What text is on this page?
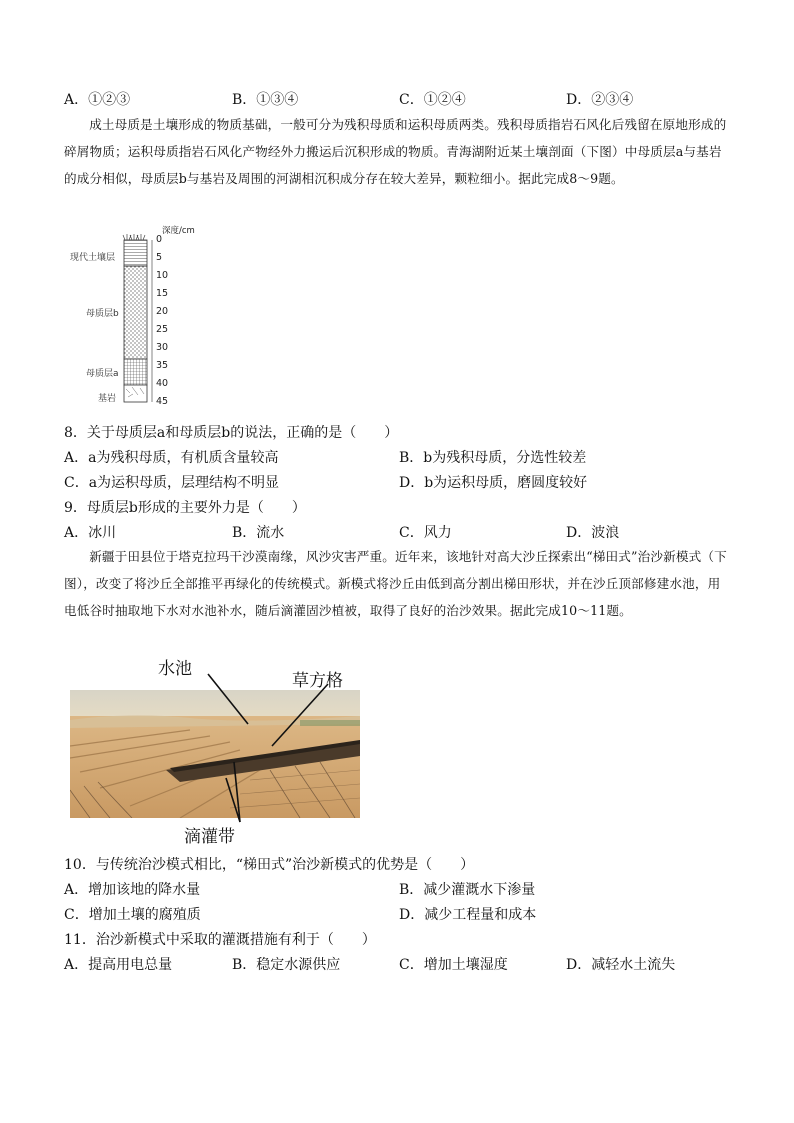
A．①②③	B．①③④	C．①②④	D．②③④

成土母质是土壤形成的物质基础，一般可分为残积母质和运积母质两类。残积母质指岩石风化后残留在原地形成的碎屑物质；运积母质指岩石风化产物经外力搬运后沉积形成的物质。青海湖附近某土壤剖面（下图）中母质层a与基岩的成分相似，母质层b与基岩及周围的河湖相沉积成分存在较大差异，颗粒细小。据此完成8～9题。

深度/cm
0
5
10
15
20
25
30
35
40
45
现代土壤层
母质层b
母质层a
基岩
8．关于母质层a和母质层b的说法，正确的是（　　）
A．a为残积母质，有机质含量较高	B．b为残积母质，分选性较差
C．a为运积母质，层理结构不明显	D．b为运积母质，磨圆度较好
9．母质层b形成的主要外力是（　　）
A．冰川	B．流水	C．风力	D．波浪

新疆于田县位于塔克拉玛干沙漠南缘，风沙灾害严重。近年来，该地针对高大沙丘探索出“梯田式”治沙新模式（下图），改变了将沙丘全部推平再绿化的传统模式。新模式将沙丘由低到高分割出梯田形状，并在沙丘顶部修建水池，用电低谷时抽取地下水对水池补水，随后滴灌固沙植被，取得了良好的治沙效果。据此完成10～11题。

水池
草方格
滴灌带
10．与传统治沙模式相比，“梯田式”治沙新模式的优势是（　　）
A．增加该地的降水量	B．减少灌溉水下渗量
C．增加土壤的腐殖质	D．减少工程量和成本
11．治沙新模式中采取的灌溉措施有利于（　　）
A．提高用电总量	B．稳定水源供应	C．增加土壤湿度	D．减轻水土流失
